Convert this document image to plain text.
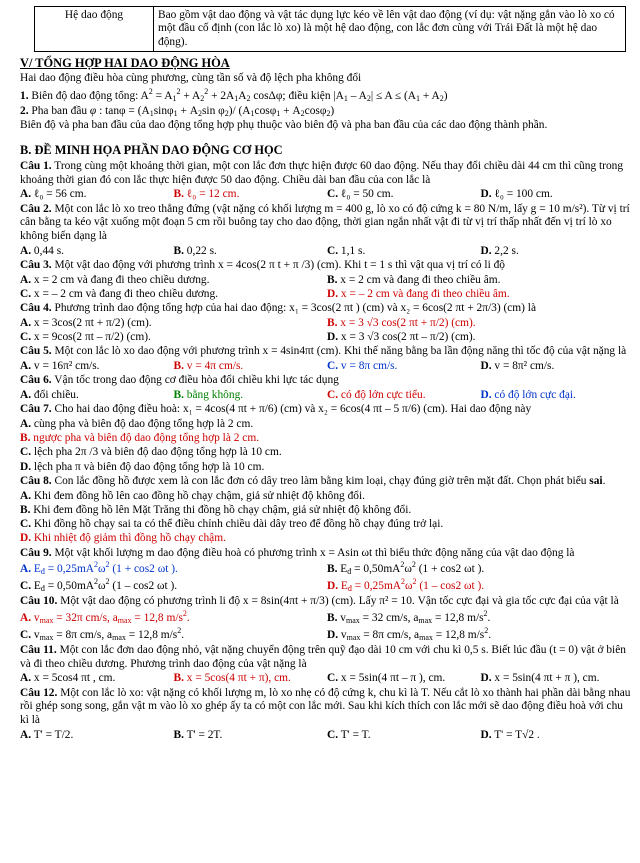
Hệ dao động	Bao gồm vật dao động và vật tác dụng lực kéo về lên vật dao động (ví dụ: vật nặng gắn vào lò xo có một đầu cố định (con lắc lò xo) là một hệ dao động, con lắc đơn cùng với Trái Đất là một hệ dao động).
V/ TỔNG HỢP HAI DAO ĐỘNG HÒA
Hai dao động điều hòa cùng phương, cùng tần số và độ lệch pha không đổi
1. Biên độ dao động tổng: $A^2 = A_1^2 + A_2^2 + 2A_1A_2$ cosΔφ; điều kiện $|A_1 - A_2| \le A \le (A_1 + A_2)$
2. Pha ban đầu φ : $\tan\varphi = (A_1\sin\varphi_1 + A_2\sin$ $\varphi_2)/$ $(A_1\cos\varphi_1 + A_2\cos\varphi_2)$
Biên độ và pha ban đầu của dao động tổng hợp phụ thuộc vào biên độ và pha ban đầu của các dao động thành phần.
B. ĐỀ MINH HỌA PHẦN DAO ĐỘNG CƠ HỌC
Câu 1. Trong cùng một khoảng thời gian, một con lắc đơn thực hiện được 60 dao động. Nếu thay đổi chiều dài 44 cm thì cũng trong khoảng thời gian đó con lắc thực hiện được 50 dao động. Chiều dài ban đầu của con lắc là
A. ℓ₀ = 56 cm.	B. ℓ₀ = 12 cm.	C. ℓ₀ = 50 cm.	D. ℓ₀ = 100 cm.
Câu 2. Một con lắc lò xo treo thẳng đứng (vật nặng có khối lượng m = 400 g, lò xo có độ cứng k = 80 N/m, lấy g = 10 m/s²). Từ vị trí cân bằng ta kéo vật xuống một đoạn 5 cm rồi buông tay cho dao động, thời gian ngắn nhất vật đi từ vị trí thấp nhất đến vị trí lò xo không biến dạng là
A. 0,44 s.	B. 0,22 s.	C. 1,1 s.	D. 2,2 s.
Câu 3. Một vật dao động với phương trình x = 4cos(2 π t + π /3) (cm). Khi t = 1 s thì vật qua vị trí có li độ
A. x = 2 cm và đang đi theo chiều dương.	B. x = 2 cm và đang đi theo chiều âm.
C. x = – 2 cm và đang đi theo chiều dương.	D. x = – 2 cm và đang đi theo chiều âm.
Câu 4. Phương trình dao động tổng hợp của hai dao động: x₁ = 3cos(2 πt ) (cm) và x₂ = 6cos(2 πt + 2π/3) (cm) là
A. x = 3cos(2 πt + π/2) (cm).	B. x = 3 √3 cos(2 πt + π/2) (cm).
C. x = 9cos(2 πt – π/2) (cm).	D. x = 3 √3 cos(2 πt – π/2) (cm).
Câu 5. Một con lắc lò xo dao động với phương trình x = 4sin4πt (cm). Khi thế năng bằng ba lần động năng thì tốc độ của vật nặng là
A. v = 16π² cm/s.	B. v = 4π cm/s.	C. v = 8π cm/s.	D. v = 8π² cm/s.
Câu 6. Vận tốc trong dao động cơ điều hòa đổi chiều khi lực tác dụng
A. đổi chiều.	B. bằng không.	C. có độ lớn cực tiểu.	D. có độ lớn cực đại.
Câu 7. Cho hai dao động điều hoà: x₁ = 4cos(4 πt + π/6) (cm) và x₂ = 6cos(4 πt – 5 π/6) (cm). Hai dao động này
A. cùng pha và biên độ dao động tổng hợp là 2 cm.
B. ngược pha và biên độ dao động tổng hợp là 2 cm.
C. lệch pha 2π /3 và biên độ dao động tổng hợp là 10 cm.
D. lệch pha π và biên độ dao động tổng hợp là 10 cm.
Câu 8. Con lắc đồng hồ được xem là con lắc đơn có dây treo làm bằng kim loại, chạy đúng giờ trên mặt đất. Chọn phát biểu sai.
A. Khi đem đồng hồ lên cao đồng hồ chạy chậm, giả sử nhiệt độ không đổi.
B. Khi đem đồng hồ lên Mặt Trăng thi đồng hồ chạy chậm, giả sử nhiệt độ không đổi.
C. Khi đồng hồ chạy sai ta có thể điều chỉnh chiều dài dây treo để đồng hồ chạy đúng trở lại.
D. Khi nhiệt độ giảm thì đồng hồ chạy chậm.
Câu 9. Một vật khối lượng m dao động điều hoà có phương trình x = Asin ωt thì biểu thức động năng của vật dao động là
A. $E_đ = 0,25mA^2\omega^2$ (1 + cos2 ωt ).	B. $E_đ = 0,50mA^2\omega^2$ (1 + cos2 ωt ).
C. $E_đ = 0,50mA^2\omega^2$ (1 – cos2 ωt ).	D. $E_đ = 0,25mA^2\omega^2$ (1 – cos2 ωt ).
Câu 10. Một vật dao động có phương trình li độ x = 8sin(4πt + π/3) (cm). Lấy π² = 10. Vận tốc cực đại và gia tốc cực đại của vật là
A. $v_{max} = 32\pi$ cm/s, $a_{max} = 12,8$ $m/s^2$.	B. $v_{max} = 32$ cm/s, $a_{max} = 12,8$ $m/s^2$.
C. $v_{max} = 8\pi$ cm/s, $a_{max} = 12,8$ $m/s^2$.	D. $v_{max} = 8\pi$ cm/s, $a_{max} = 12,8$ $m/s^2$.
Câu 11. Một con lắc đơn dao động nhỏ, vật nặng chuyển động trên quỹ đạo dài 10 cm với chu kì 0,5 s. Biết lúc đầu (t = 0) vật ở biên và đi theo chiều dương. Phương trình dao động của vật nặng là
A. x = 5cos4 πt , cm.	B. x = 5cos(4 πt + π), cm.	C. x = 5sin(4 πt – π ), cm.	D. x = 5sin(4 πt + π ), cm.
Câu 12. Một con lắc lò xo: vật nặng có khối lượng m, lò xo nhẹ có độ cứng k, chu kì là T. Nếu cắt lò xo thành hai phần dài bằng nhau rồi ghép song song, gắn vật m vào lò xo ghép ấy ta có một con lắc mới. Sau khi kích thích con lắc mới sẽ dao động điều hoà với chu kì là
A. T' = T/2.	B. T' = 2T.	C. T' = T.	D. T' = T√2 .
